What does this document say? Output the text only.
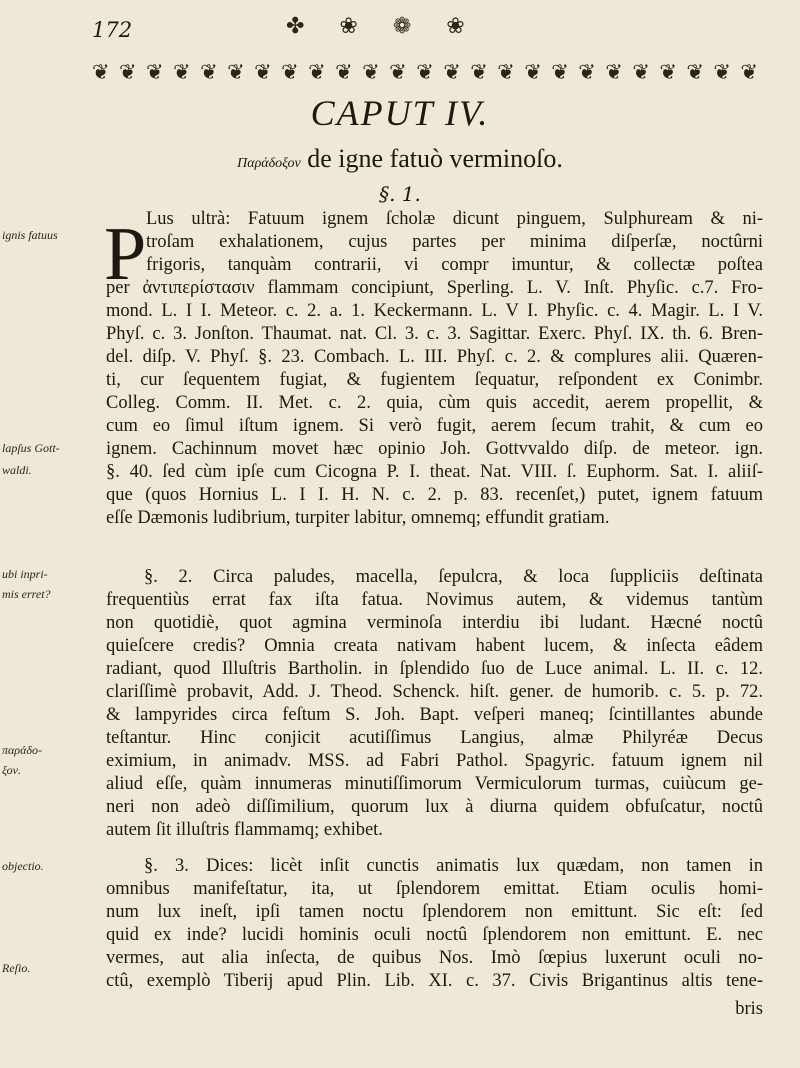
172	✤ ❀ ❁ ❀
❦ ❦ ❦ ❦ ❦ ❦ ❦ ❦ ❦ ❦ ❦ ❦ ❦ ❦ ❦ ❦ ❦ ❦ ❦ ❦ ❦ ❦ ❦ ❦ ❦
CAPUT IV.
Παράδοξον de igne fatuò verminoſo.
§. 1.
P
ignis fatuus
lapſus Gott-
waldi.
ubi inpri-
mis erret?
παράδο-
ξον.
objectio.
Reſio.
Lus ultrà: Fatuum ignem ſcholæ dicunt pinguem, Sulphuream & ni-
troſam exhalationem, cujus partes per minima diſperſæ, noctûrni
frigoris, tanquàm contrarii, vi compr imuntur, & collectæ poſtea
per ἀντιπερίστασιν flammam concipiunt, Sperling. L. V. Inſt. Phyſic. c.7. Fro-
mond. L. I I. Meteor. c. 2. a. 1. Keckermann. L. V I. Phyſic. c. 4. Magir. L. I V.
Phyſ. c. 3. Jonſton. Thaumat. nat. Cl. 3. c. 3. Sagittar. Exerc. Phyſ. IX. th. 6. Bren-
del. diſp. V. Phyſ. §. 23. Combach. L. III. Phyſ. c. 2. & complures alii. Quæren-
ti, cur ſequentem fugiat, & fugientem ſequatur, reſpondent ex Conimbr.
Colleg. Comm. II. Met. c. 2. quia, cùm quis accedit, aerem propellit, &
cum eo ſimul iſtum ignem. Si verò fugit, aerem ſecum trahit, & cum eo
ignem. Cachinnum movet hæc opinio Joh. Gottvvaldo diſp. de meteor. ign.
§. 40. ſed cùm ipſe cum Cicogna P. I. theat. Nat. VIII. ſ. Euphorm. Sat. I. aliiſ-
que (quos Hornius L. I I. H. N. c. 2. p. 83. recenſet,) putet, ignem fatuum
eſſe Dæmonis ludibrium, turpiter labitur, omnemq; effundit gratiam.
§. 2. Circa paludes, macella, ſepulcra, & loca ſuppliciis deſtinata
frequentiùs errat fax iſta fatua. Novimus autem, & videmus tantùm
non quotidiè, quot agmina verminoſa interdiu ibi ludant. Hæcné noctû
quieſcere credis? Omnia creata nativam habent lucem, & inſecta eâdem
radiant, quod Illuſtris Bartholin. in ſplendido ſuo de Luce animal. L. II. c. 12.
clariſſimè probavit, Add. J. Theod. Schenck. hiſt. gener. de humorib. c. 5. p. 72.
& lampyrides circa feſtum S. Joh. Bapt. veſperi maneq; ſcintillantes abunde
teſtantur. Hinc conjicit acutiſſimus Langius, almæ Philyréæ Decus
eximium, in animadv. MSS. ad Fabri Pathol. Spagyric. fatuum ignem nil
aliud eſſe, quàm innumeras minutiſſimorum Vermiculorum turmas, cuiùcum ge-
neri non adeò diſſimilium, quorum lux à diurna quidem obfuſcatur, noctû
autem ſit illuſtris flammamq; exhibet.
§. 3. Dices: licèt inſit cunctis animatis lux quædam, non tamen in
omnibus manifeſtatur, ita, ut ſplendorem emittat. Etiam oculis homi-
num lux ineſt, ipſi tamen noctu ſplendorem non emittunt. Sic eſt: ſed
quid ex inde? lucidi hominis oculi noctû ſplendorem non emittunt. E. nec
vermes, aut alia inſecta, de quibus Nos. Imò ſœpius luxerunt oculi no-
ctû, exemplò Tiberij apud Plin. Lib. XI. c. 37. Civis Brigantinus altis tene-
bris
